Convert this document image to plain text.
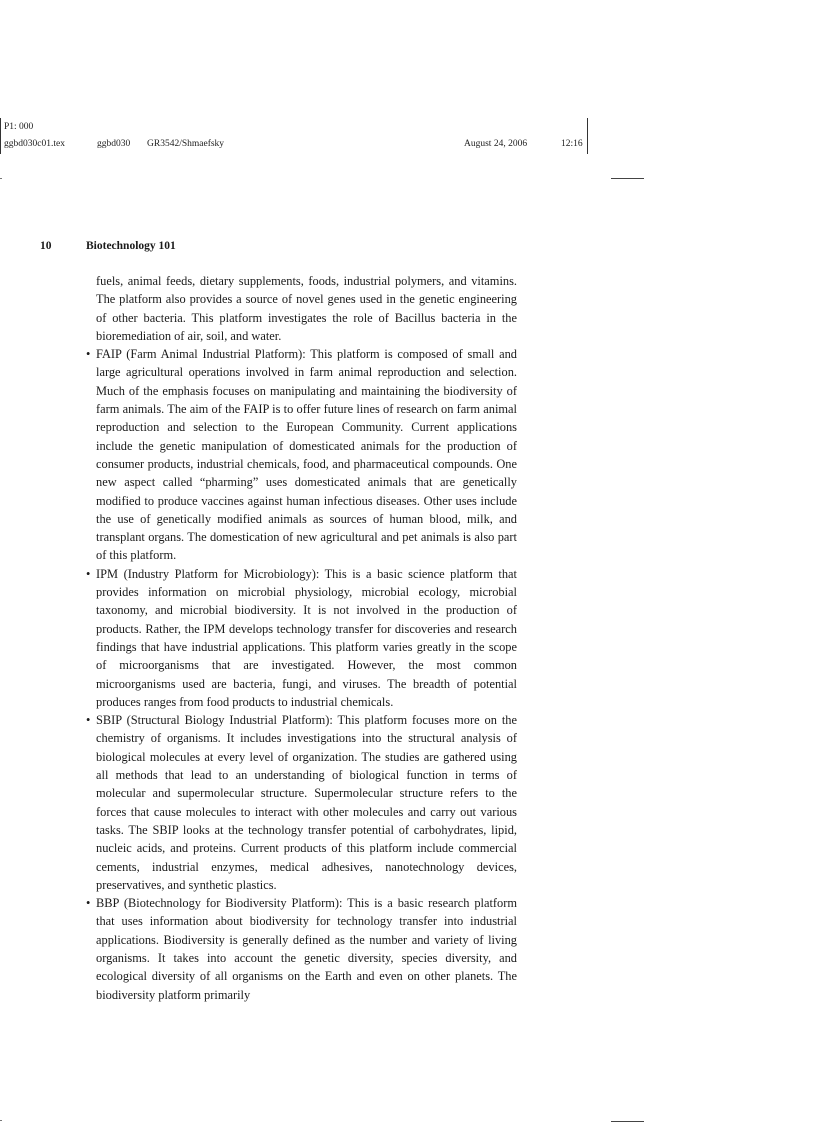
P1: 000
ggbd030c01.tex	ggbd030 GR3542/Shmaefsky	August 24, 2006	12:16
10	Biotechnology 101

fuels, animal feeds, dietary supplements, foods, industrial polymers, and vitamins. The platform also provides a source of novel genes used in the genetic engineering of other bacteria. This platform investigates the role of Bacillus bacteria in the bioremediation of air, soil, and water.

• FAIP (Farm Animal Industrial Platform): This platform is composed of small and large agricultural operations involved in farm animal reproduction and selection. Much of the emphasis focuses on manipulating and maintaining the biodiversity of farm animals. The aim of the FAIP is to offer future lines of research on farm animal reproduction and selection to the European Community. Current applications include the genetic manipulation of domesticated animals for the production of consumer products, industrial chemicals, food, and pharmaceutical compounds. One new aspect called “pharming” uses domesticated animals that are genetically modified to produce vaccines against human infectious diseases. Other uses include the use of genetically modified animals as sources of human blood, milk, and transplant organs. The domestication of new agricultural and pet animals is also part of this platform.
• IPM (Industry Platform for Microbiology): This is a basic science platform that provides information on microbial physiology, microbial ecology, microbial taxonomy, and microbial biodiversity. It is not involved in the production of products. Rather, the IPM develops technology transfer for discoveries and research findings that have industrial applications. This platform varies greatly in the scope of microorganisms that are investigated. However, the most common microorganisms used are bacteria, fungi, and viruses. The breadth of potential produces ranges from food products to industrial chemicals.
• SBIP (Structural Biology Industrial Platform): This platform focuses more on the chemistry of organisms. It includes investigations into the structural analysis of biological molecules at every level of organization. The studies are gathered using all methods that lead to an understanding of biological function in terms of molecular and supermolecular structure. Supermolecular structure refers to the forces that cause molecules to interact with other molecules and carry out various tasks. The SBIP looks at the technology transfer potential of carbohydrates, lipid, nucleic acids, and proteins. Current products of this platform include commercial cements, industrial enzymes, medical adhesives, nanotechnology devices, preservatives, and synthetic plastics.
• BBP (Biotechnology for Biodiversity Platform): This is a basic research platform that uses information about biodiversity for technology transfer into industrial applications. Biodiversity is generally defined as the number and variety of living organisms. It takes into account the genetic diversity, species diversity, and ecological diversity of all organisms on the Earth and even on other planets. The biodiversity platform primarily
